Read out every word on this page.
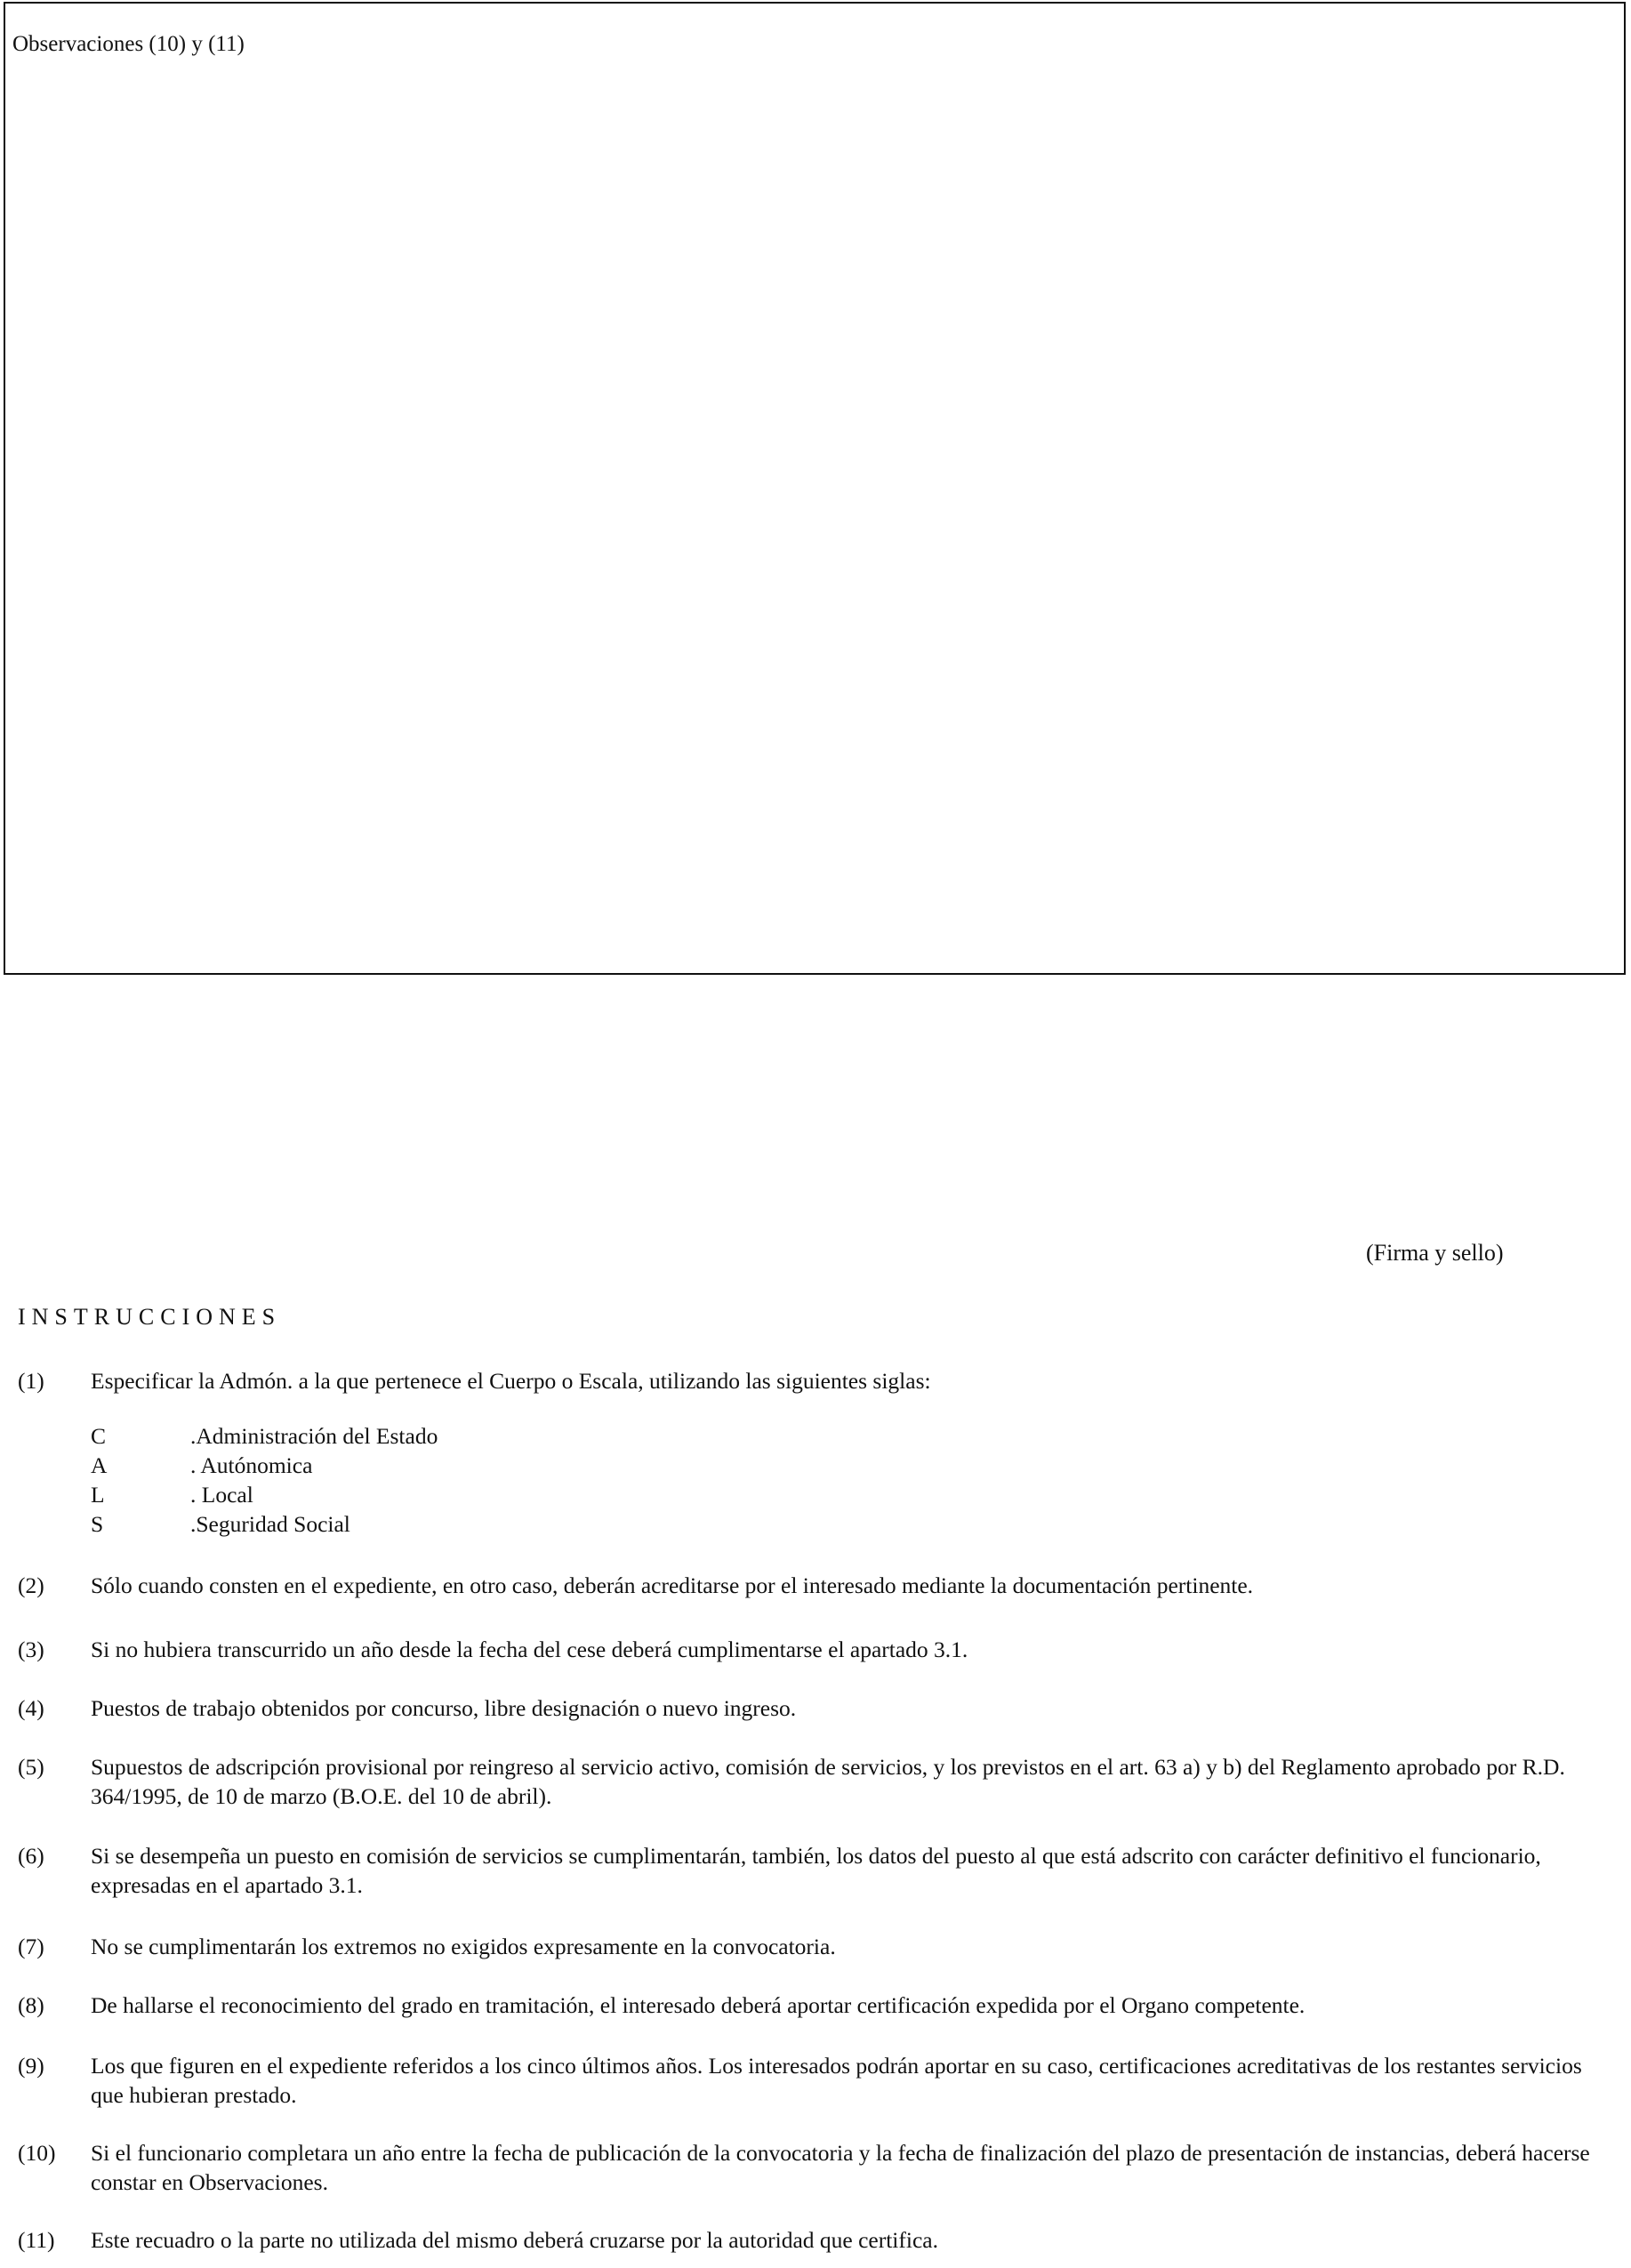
Observaciones (10) y (11)
(Firma y sello)
INSTRUCCIONES
(1)	Especificar la Admón. a la que pertenece el Cuerpo o Escala, utilizando las siguientes siglas:
C	.Administración del Estado
A	. Autónomica
L	. Local
S	.Seguridad Social
(2)	Sólo cuando consten en el expediente, en otro caso, deberán acreditarse por el interesado mediante la documentación pertinente.
(3)	Si no hubiera transcurrido un año desde la fecha del cese deberá cumplimentarse el apartado 3.1.
(4)	Puestos de trabajo obtenidos por concurso, libre designación o nuevo ingreso.
(5)	Supuestos de adscripción provisional por reingreso al servicio activo, comisión de servicios, y los previstos en el art. 63 a) y b) del Reglamento aprobado por R.D. 364/1995, de 10 de marzo (B.O.E. del 10 de abril).
(6)	Si se desempeña un puesto en comisión de servicios se cumplimentarán, también, los datos del puesto al que está adscrito con carácter definitivo el funcionario, expresadas en el apartado 3.1.
(7)	No se cumplimentarán los extremos no exigidos expresamente en la convocatoria.
(8)	De hallarse el reconocimiento del grado en tramitación, el interesado deberá aportar certificación expedida por el Organo competente.
(9)	Los que figuren en el expediente referidos a los cinco últimos años. Los interesados podrán aportar en su caso, certificaciones acreditativas de los restantes servicios que hubieran prestado.
(10)	Si el funcionario completara un año entre la fecha de publicación de la convocatoria y la fecha de finalización del plazo de presentación de instancias, deberá hacerse constar en Observaciones.
(11)	Este recuadro o la parte no utilizada del mismo deberá cruzarse por la autoridad que certifica.
